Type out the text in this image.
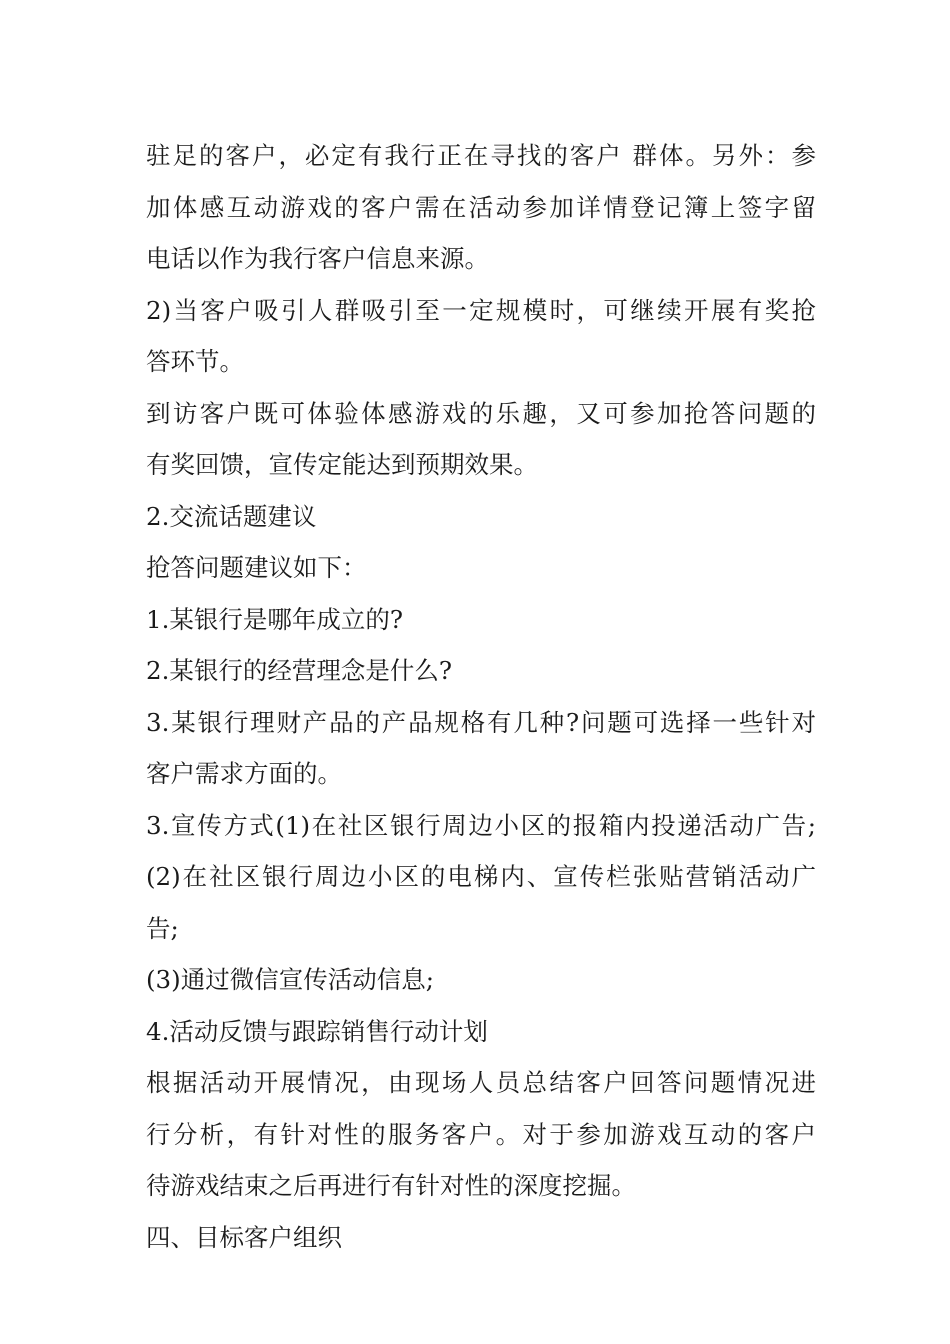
驻足的客户，必定有我行正在寻找的客户 群体。另外：参
加体感互动游戏的客户需在活动参加详情登记簿上签字留
电话以作为我行客户信息来源。
2)当客户吸引人群吸引至一定规模时，可继续开展有奖抢
答环节。
到访客户既可体验体感游戏的乐趣，又可参加抢答问题的
有奖回馈，宣传定能达到预期效果。
2.交流话题建议
抢答问题建议如下：
1.某银行是哪年成立的?
2.某银行的经营理念是什么?
3.某银行理财产品的产品规格有几种?问题可选择一些针对
客户需求方面的。
3.宣传方式(1)在社区银行周边小区的报箱内投递活动广告;
(2)在社区银行周边小区的电梯内、宣传栏张贴营销活动广
告;
(3)通过微信宣传活动信息;
4.活动反馈与跟踪销售行动计划
根据活动开展情况，由现场人员总结客户回答问题情况进
行分析，有针对性的服务客户。对于参加游戏互动的客户
待游戏结束之后再进行有针对性的深度挖掘。
四、目标客户组织
